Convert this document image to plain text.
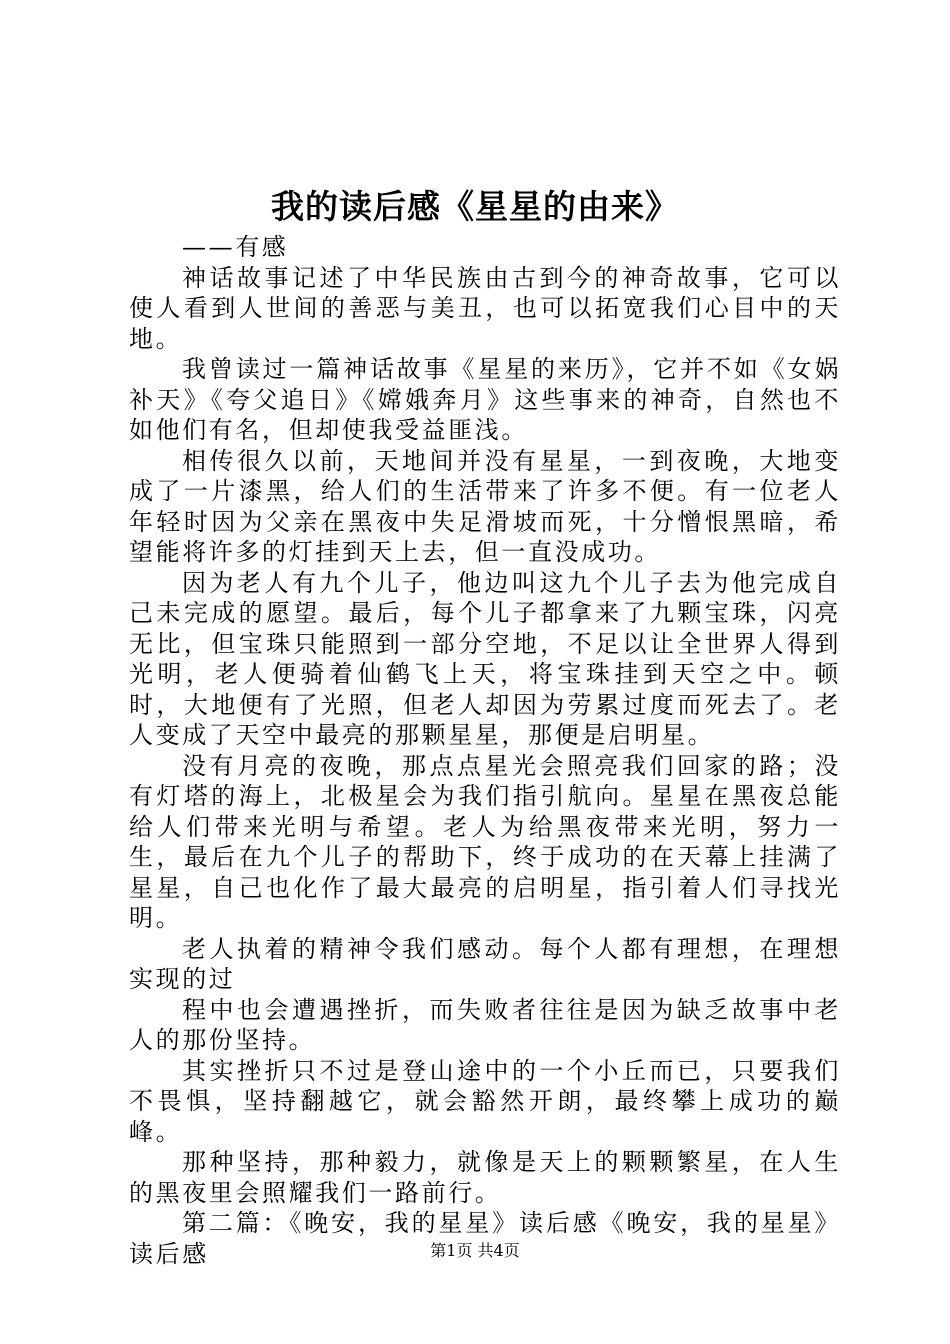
我的读后感《星星的由来》

——有感

神话故事记述了中华民族由古到今的神奇故事，它可以使人看到人世间的善恶与美丑，也可以拓宽我们心目中的天地。

我曾读过一篇神话故事《星星的来历》，它并不如《女娲补天》《夸父追日》《嫦娥奔月》这些事来的神奇，自然也不如他们有名，但却使我受益匪浅。

相传很久以前，天地间并没有星星，一到夜晚，大地变成了一片漆黑，给人们的生活带来了许多不便。有一位老人年轻时因为父亲在黑夜中失足滑坡而死，十分憎恨黑暗，希望能将许多的灯挂到天上去，但一直没成功。

因为老人有九个儿子，他边叫这九个儿子去为他完成自己未完成的愿望。最后，每个儿子都拿来了九颗宝珠，闪亮无比，但宝珠只能照到一部分空地，不足以让全世界人得到光明，老人便骑着仙鹤飞上天，将宝珠挂到天空之中。顿时，大地便有了光照，但老人却因为劳累过度而死去了。老人变成了天空中最亮的那颗星星，那便是启明星。

没有月亮的夜晚，那点点星光会照亮我们回家的路；没有灯塔的海上，北极星会为我们指引航向。星星在黑夜总能给人们带来光明与希望。老人为给黑夜带来光明，努力一生，最后在九个儿子的帮助下，终于成功的在天幕上挂满了星星，自己也化作了最大最亮的启明星，指引着人们寻找光明。

老人执着的精神令我们感动。每个人都有理想，在理想实现的过

程中也会遭遇挫折，而失败者往往是因为缺乏故事中老人的那份坚持。

其实挫折只不过是登山途中的一个小丘而已，只要我们不畏惧，坚持翻越它，就会豁然开朗，最终攀上成功的巅峰。

那种坚持，那种毅力，就像是天上的颗颗繁星，在人生的黑夜里会照耀我们一路前行。

第二篇：《晚安，我的星星》读后感《晚安，我的星星》读后感	第1页 共4页
